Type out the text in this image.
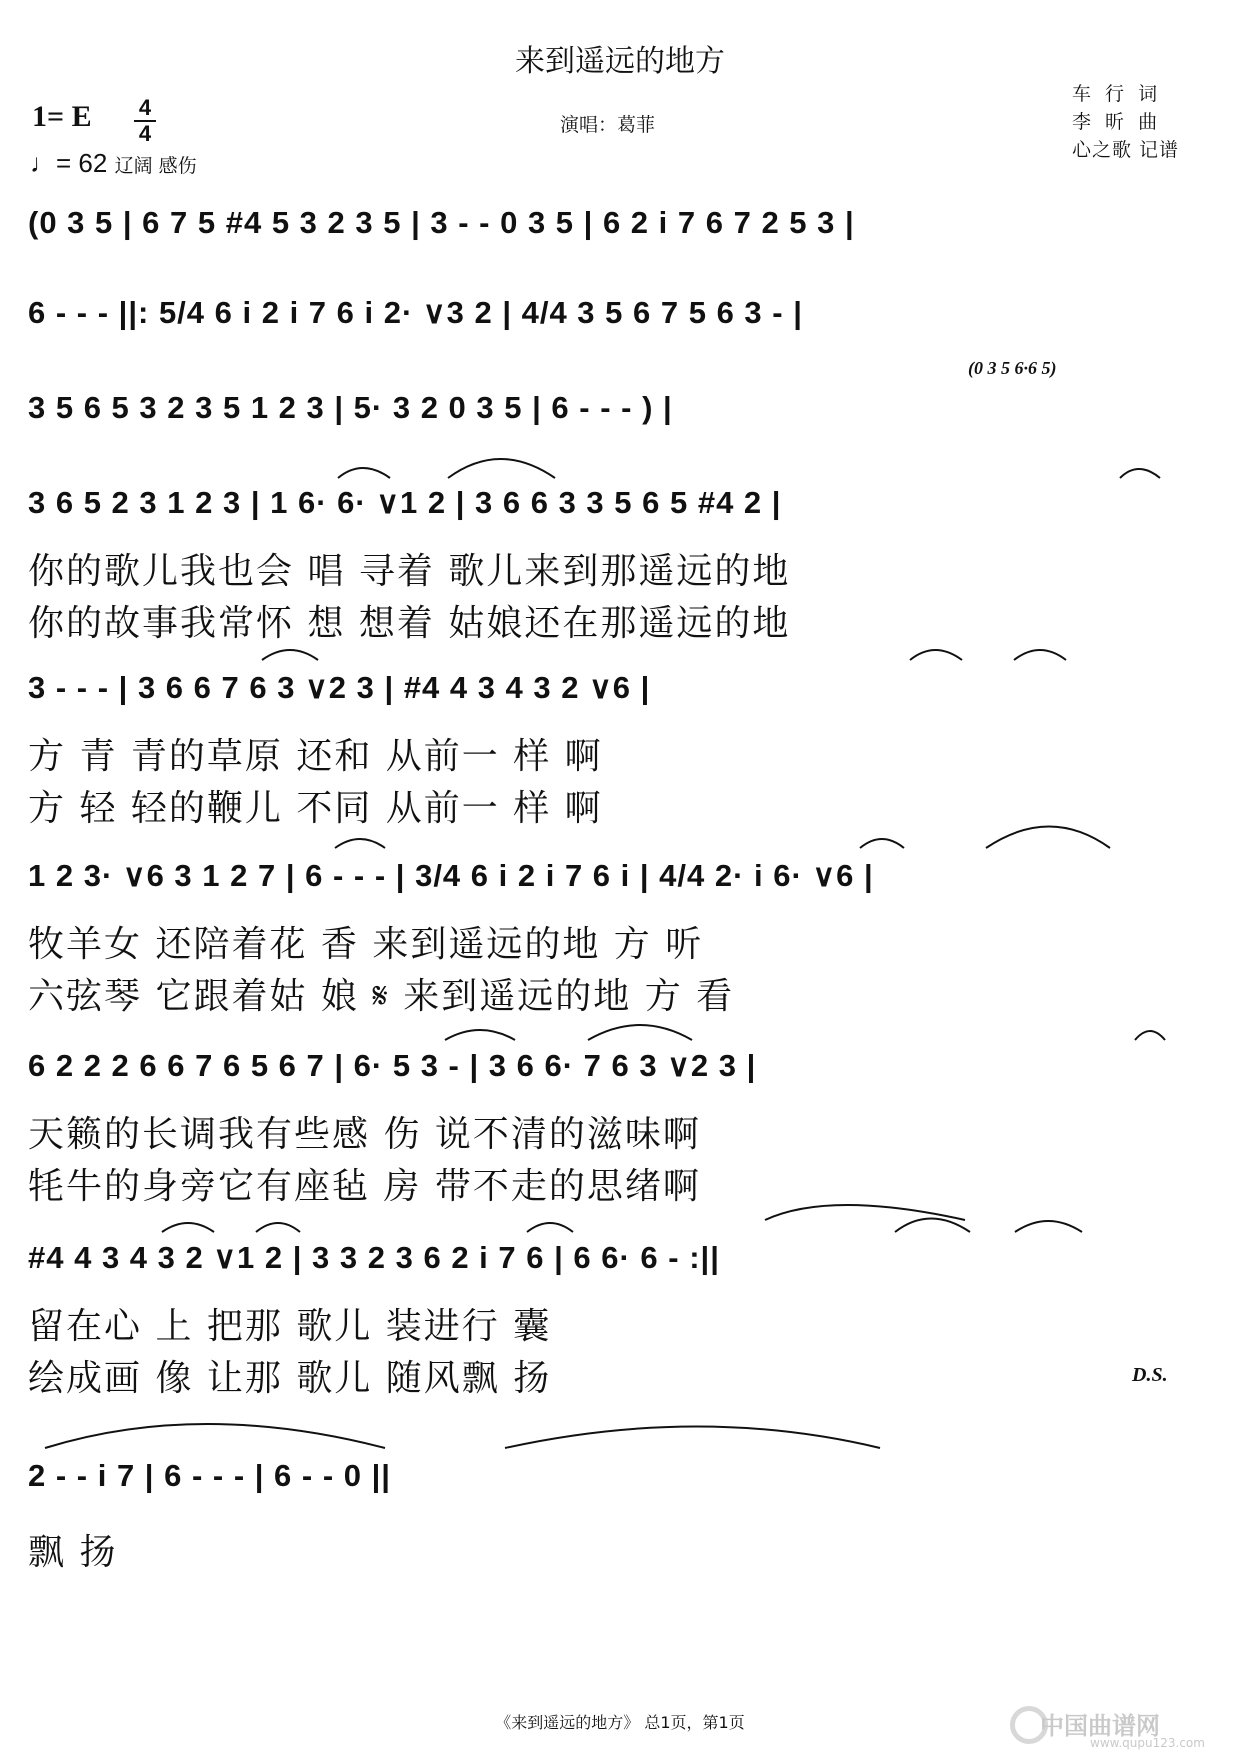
来到遥远的地方
1= E 4
4
♩= 62 辽阔 感伤
演唱：葛菲
车 行 词
李 昕 曲
心之歌 记谱
(0 3 5 | 6 7 5 #4 5 3 2 3 5 | 3 - - 0 3 5 | 6 2 i 7 6 7 2 5 3 |
6 - - - ||: 5/4 6 i 2 i 7 6 i 2· ∨3 2 | 4/4 3 5 6 7 5 6 3 - |
(0 3 5 6·6 5)
3 5 6 5 3 2 3 5 1 2 3 | 5· 3 2 0 3 5 | 6 - - - ) |
3 6 5 2 3 1 2 3 | 1 6· 6· ∨1 2 | 3 6 6 3 3 5 6 5 #4 2 |
你的歌儿我也会 唱 寻着 歌儿来到那遥远的地
你的故事我常怀 想 想着 姑娘还在那遥远的地
3 - - - | 3 6 6 7 6 3 ∨2 3 | #4 4 3 4 3 2 ∨6 |
方 青 青的草原 还和 从前一 样 啊
方 轻 轻的鞭儿 不同 从前一 样 啊
1 2 3· ∨6 3 1 2 7 | 6 - - - | 3/4 6 i 2 i 7 6 i | 4/4 2· i 6· ∨6 |
牧羊女 还陪着花 香 来到遥远的地 方 听
六弦琴 它跟着姑 娘 𝄋 来到遥远的地 方 看
6 2 2 2 6 6 7 6 5 6 7 | 6· 5 3 - | 3 6 6· 7 6 3 ∨2 3 |
天籁的长调我有些感 伤 说不清的滋味啊
牦牛的身旁它有座毡 房 带不走的思绪啊
#4 4 3 4 3 2 ∨1 2 | 3 3 2 3 6 2 i 7 6 | 6 6· 6 - :||
留在心 上 把那 歌儿 装进行 囊
绘成画 像 让那 歌儿 随风飘 扬	D.S.
2 - - i 7 | 6 - - - | 6 - - 0 ||
飘 扬
《来到遥远的地方》 总1页，第1页	中国曲谱网
www.qupu123.com
